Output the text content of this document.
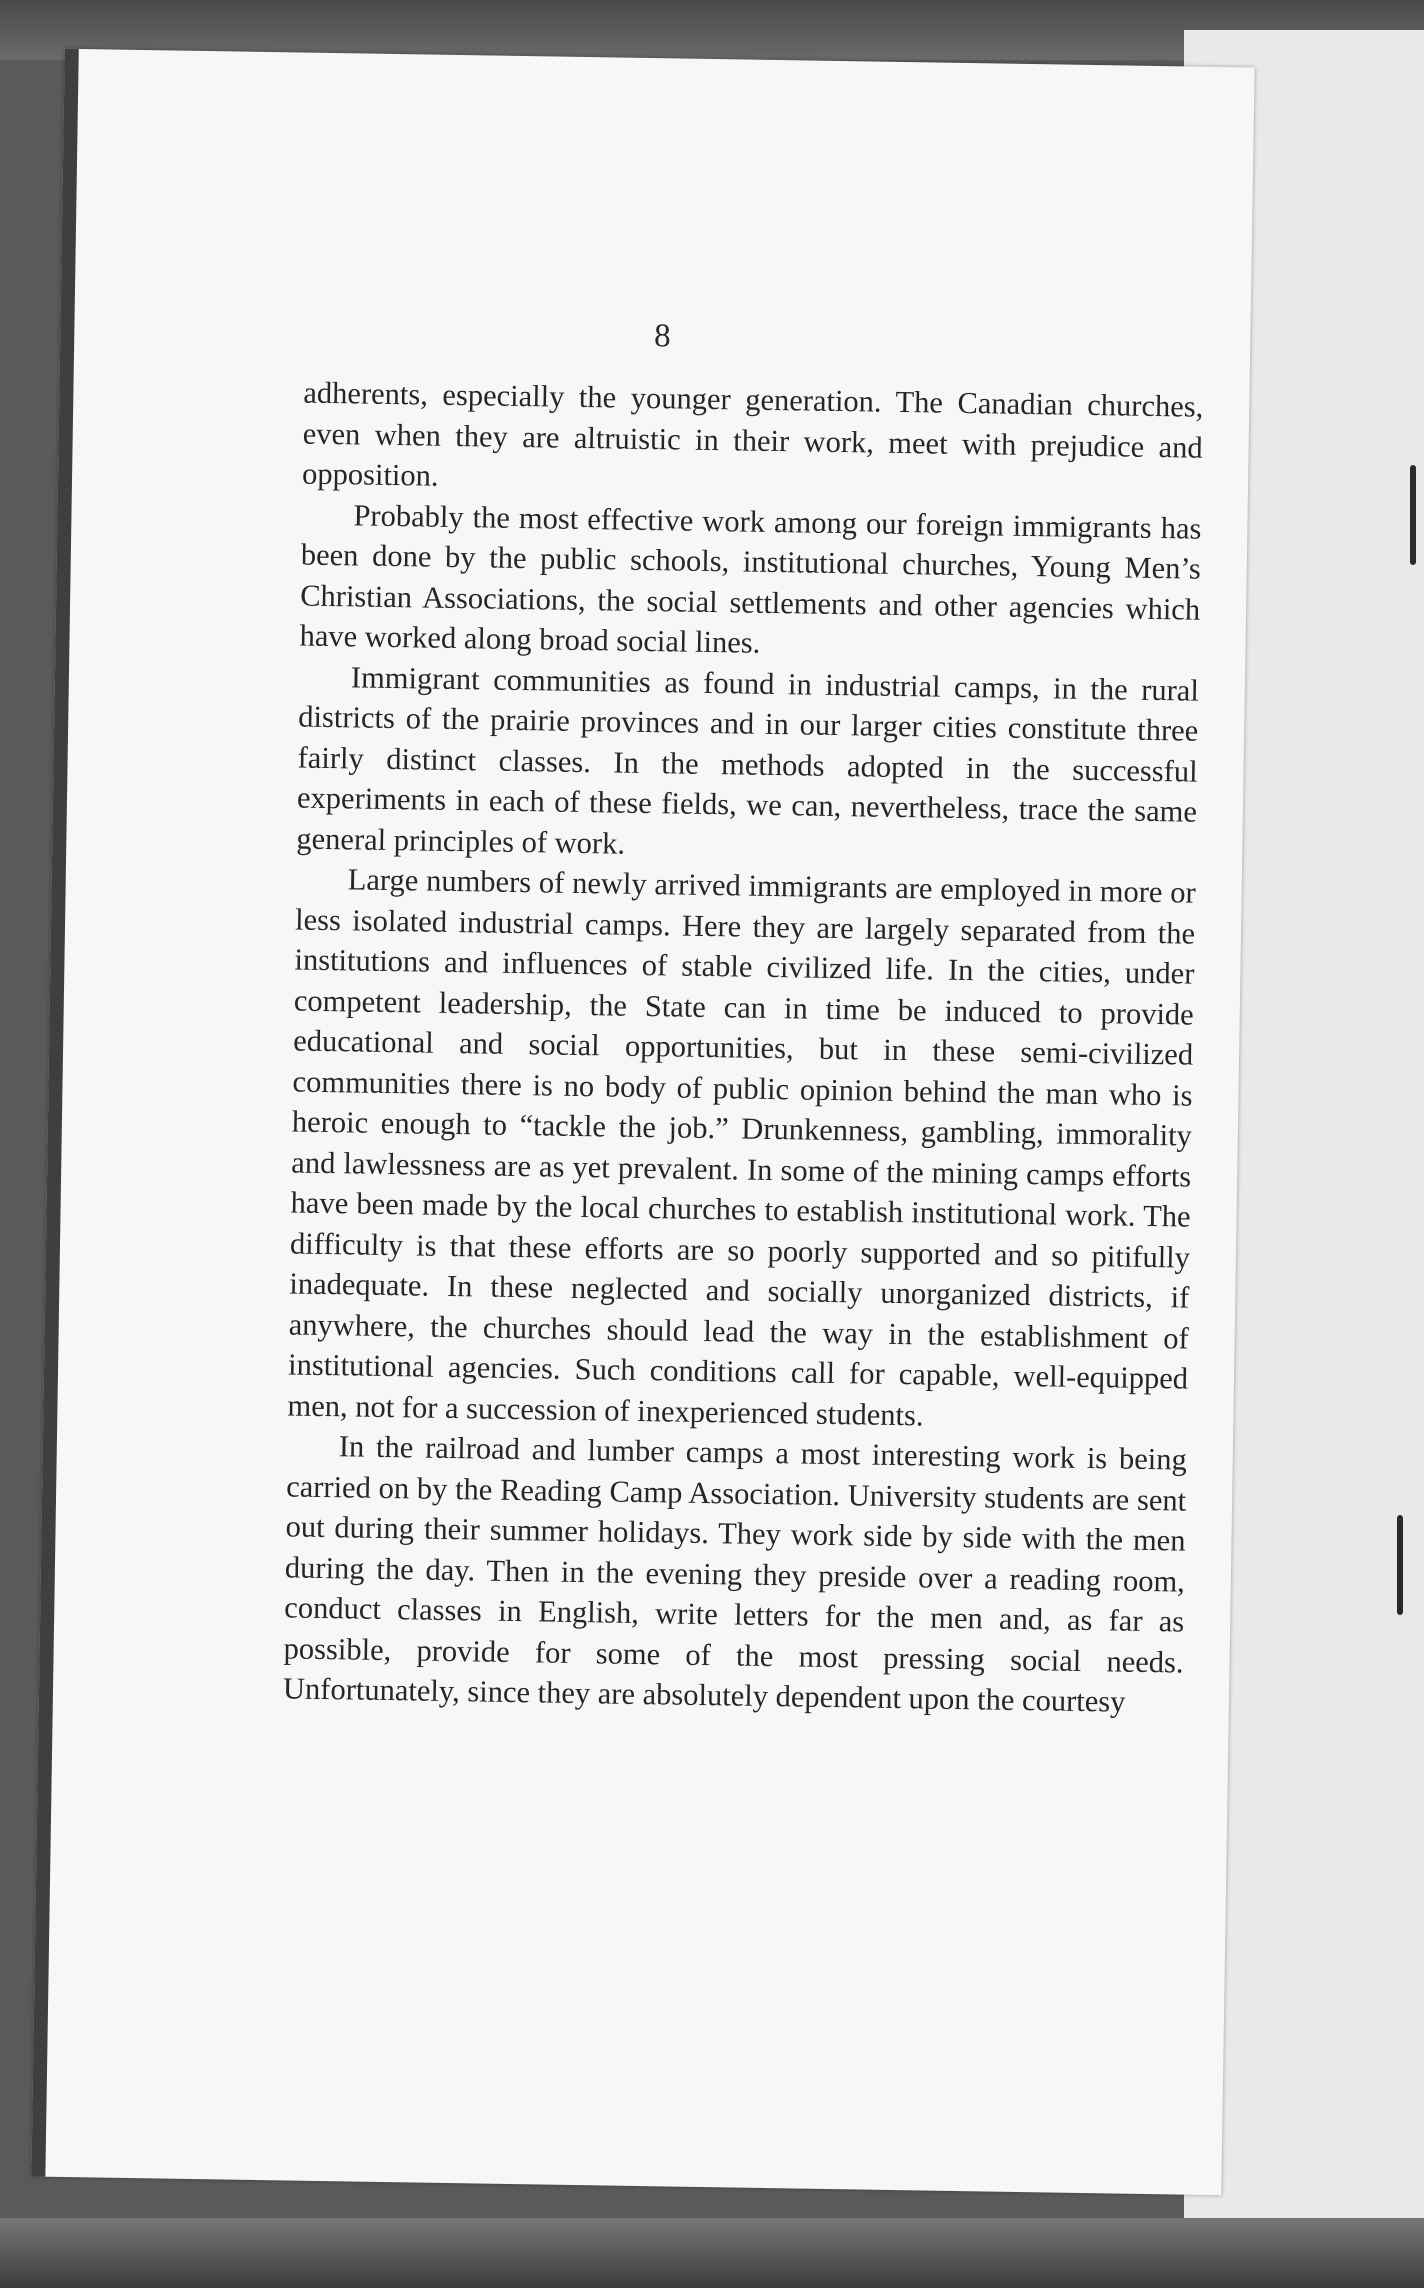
8

adherents, especially the younger generation. The Canadian churches, even when they are altruistic in their work, meet with prejudice and opposition.

Probably the most effective work among our foreign immigrants has been done by the public schools, institutional churches, Young Men’s Christian Associations, the social settlements and other agencies which have worked along broad social lines.

Immigrant communities as found in industrial camps, in the rural districts of the prairie provinces and in our larger cities constitute three fairly distinct classes. In the methods adopted in the successful experiments in each of these fields, we can, nevertheless, trace the same general principles of work.

Large numbers of newly arrived immigrants are employed in more or less isolated industrial camps. Here they are largely separated from the institutions and influences of stable civilized life. In the cities, under competent leadership, the State can in time be induced to provide educational and social opportunities, but in these semi-civilized communities there is no body of public opinion behind the man who is heroic enough to “tackle the job.” Drunkenness, gambling, immorality and lawlessness are as yet prevalent. In some of the mining camps efforts have been made by the local churches to establish institutional work. The difficulty is that these efforts are so poorly supported and so pitifully inadequate. In these neglected and socially unorganized districts, if anywhere, the churches should lead the way in the establishment of institutional agencies. Such conditions call for capable, well-equipped men, not for a succession of inexperienced students.

In the railroad and lumber camps a most interesting work is being carried on by the Reading Camp Association. University students are sent out during their summer holidays. They work side by side with the men during the day. Then in the evening they preside over a reading room, conduct classes in English, write letters for the men and, as far as possible, provide for some of the most pressing social needs. Unfortunately, since they are absolutely dependent upon the courtesy
